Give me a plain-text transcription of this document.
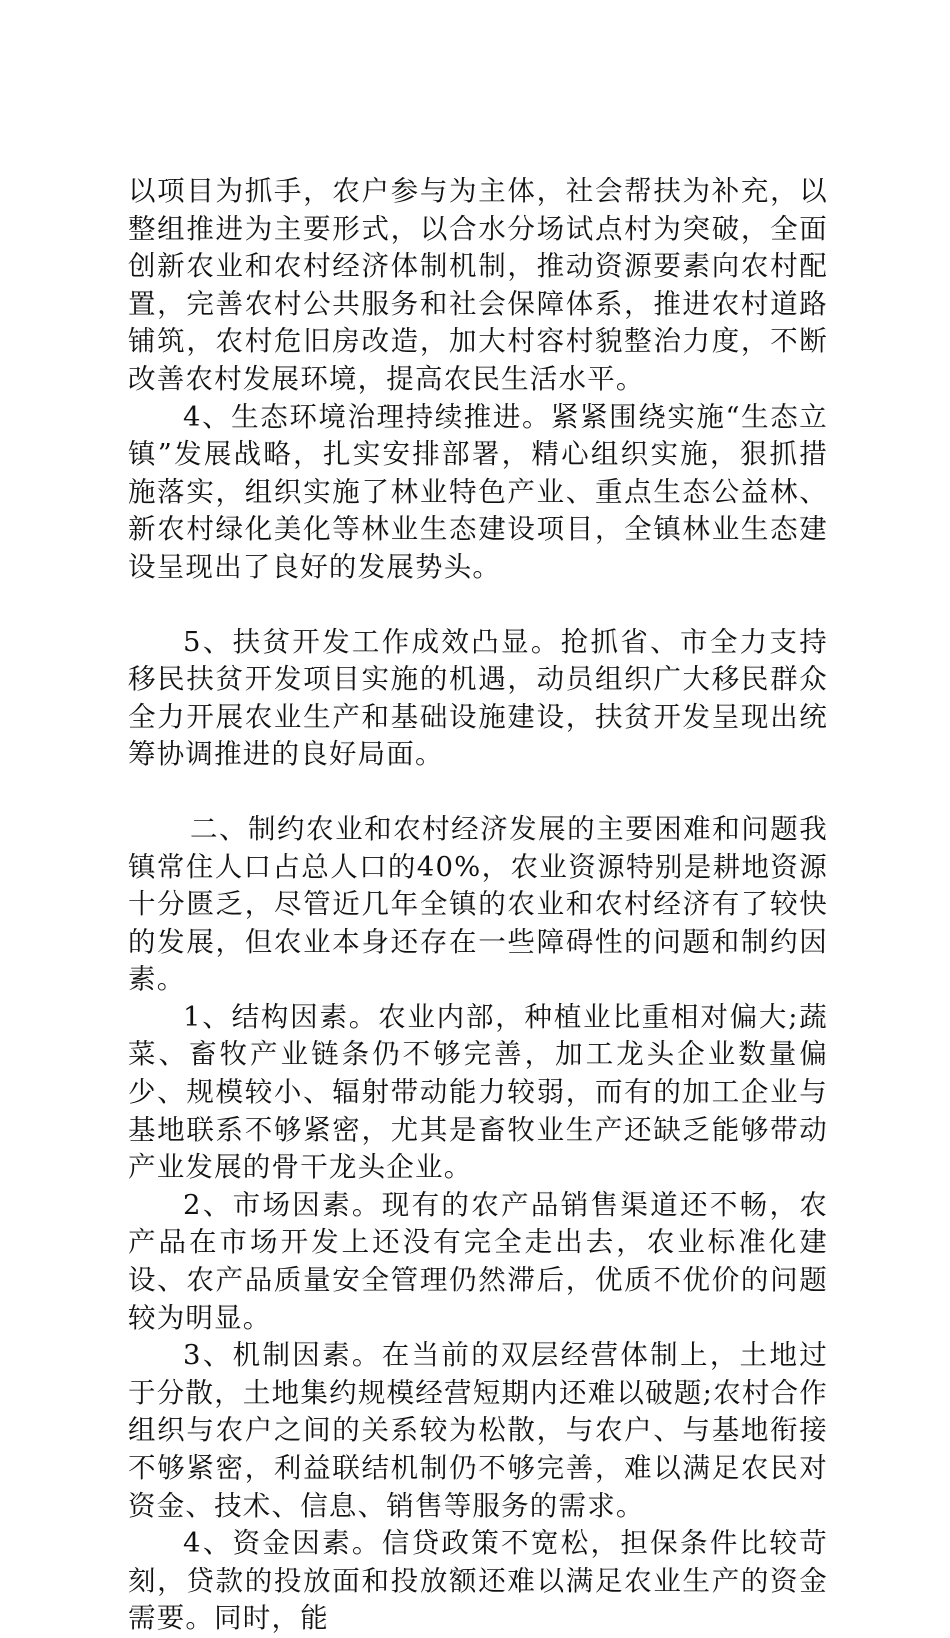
以项目为抓手，农户参与为主体，社会帮扶为补充，以整组推进为主要形式，以合水分场试点村为突破，全面创新农业和农村经济体制机制，推动资源要素向农村配置，完善农村公共服务和社会保障体系，推进农村道路铺筑，农村危旧房改造，加大村容村貌整治力度，不断改善农村发展环境，提高农民生活水平。

4、生态环境治理持续推进。紧紧围绕实施“生态立镇”发展战略，扎实安排部署，精心组织实施，狠抓措施落实，组织实施了林业特色产业、重点生态公益林、新农村绿化美化等林业生态建设项目，全镇林业生态建设呈现出了良好的发展势头。

5、扶贫开发工作成效凸显。抢抓省、市全力支持移民扶贫开发项目实施的机遇，动员组织广大移民群众全力开展农业生产和基础设施建设，扶贫开发呈现出统筹协调推进的良好局面。

二、制约农业和农村经济发展的主要困难和问题我镇常住人口占总人口的40%，农业资源特别是耕地资源十分匮乏，尽管近几年全镇的农业和农村经济有了较快的发展，但农业本身还存在一些障碍性的问题和制约因素。

1、结构因素。农业内部，种植业比重相对偏大;蔬菜、畜牧产业链条仍不够完善，加工龙头企业数量偏少、规模较小、辐射带动能力较弱，而有的加工企业与基地联系不够紧密，尤其是畜牧业生产还缺乏能够带动产业发展的骨干龙头企业。

2、市场因素。现有的农产品销售渠道还不畅，农产品在市场开发上还没有完全走出去，农业标准化建设、农产品质量安全管理仍然滞后，优质不优价的问题较为明显。

3、机制因素。在当前的双层经营体制上，土地过于分散，土地集约规模经营短期内还难以破题;农村合作组织与农户之间的关系较为松散，与农户、与基地衔接不够紧密，利益联结机制仍不够完善，难以满足农民对资金、技术、信息、销售等服务的需求。

4、资金因素。信贷政策不宽松，担保条件比较苛刻，贷款的投放面和投放额还难以满足农业生产的资金需要。同时，能
